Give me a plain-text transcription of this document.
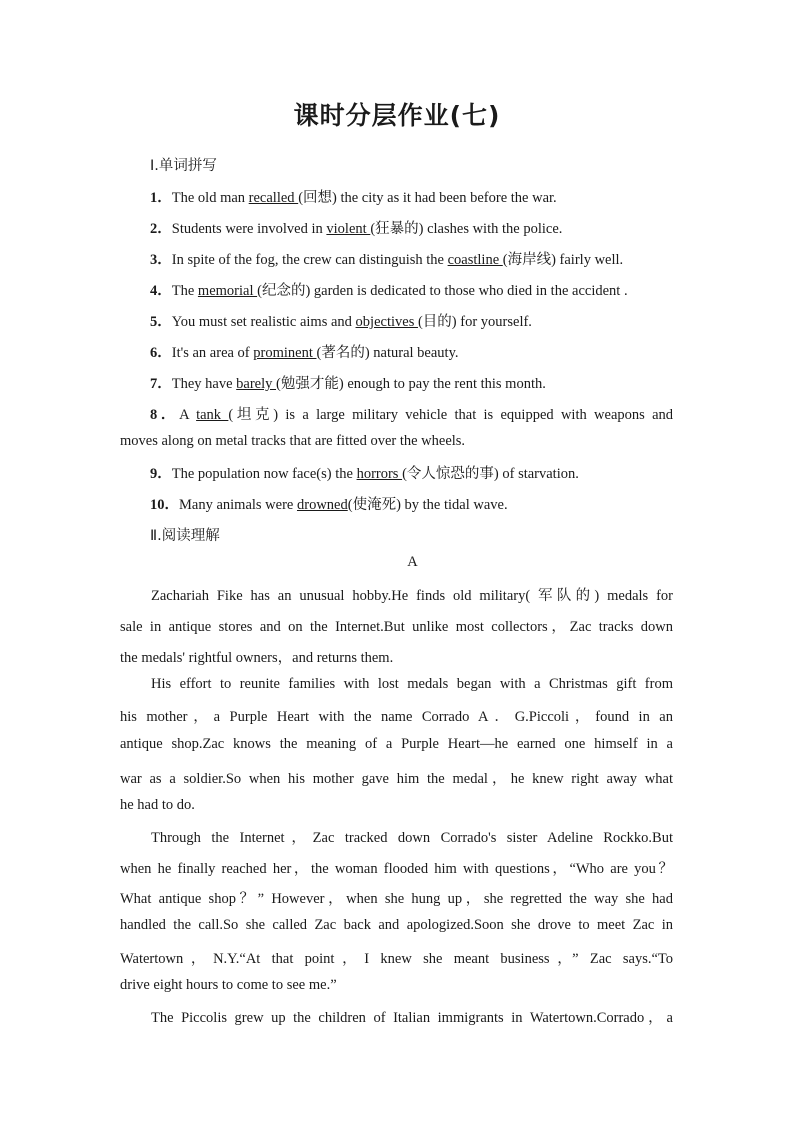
课时分层作业(七)
Ⅰ.单词拼写
1．The old man recalled (回想) the city as it had been before the war.
2．Students were involved in violent (狂暴的) clashes with the police.
3．In spite of the fog, the crew can distinguish the coastline (海岸线) fairly well.
4．The memorial (纪念的) garden is dedicated to those who died in the accident .
5．You must set realistic aims and objectives (目的) for yourself.
6．It's an area of prominent (著名的) natural beauty.
7．They have barely (勉强才能) enough to pay the rent this month.
8．A tank (坦克) is a large military vehicle that is equipped with weapons and
moves along on metal tracks that are fitted over the wheels.
9．The population now face(s) the horrors (令人惊恐的事) of starvation.
10．Many animals were drowned(使淹死) by the tidal wave.
Ⅱ.阅读理解
A
Zachariah Fike has an unusual hobby.He finds old military( 军队的) medals for
sale in antique stores and on the Internet.But unlike most collectors，Zac tracks down
the medals' rightful owners，and returns them.
His effort to reunite families with lost medals began with a Christmas gift from
his mother，a Purple Heart with the name Corrado A．G.Piccoli，found in an
antique shop.Zac knows the meaning of a Purple Heart—he earned one himself in a
war as a soldier.So when his mother gave him the medal，he knew right away what
he had to do.
Through the Internet，Zac tracked down Corrado's sister Adeline Rockko.But
when he finally reached her，the woman flooded him with questions，“Who are you？
What antique shop？” However，when she hung up，she regretted the way she had
handled the call.So she called Zac back and apologized.Soon she drove to meet Zac in
Watertown，N.Y.“At that point，I knew she meant business，” Zac says.“To
drive eight hours to come to see me.”
The Piccolis grew up the children of Italian immigrants in Watertown.Corrado，a
